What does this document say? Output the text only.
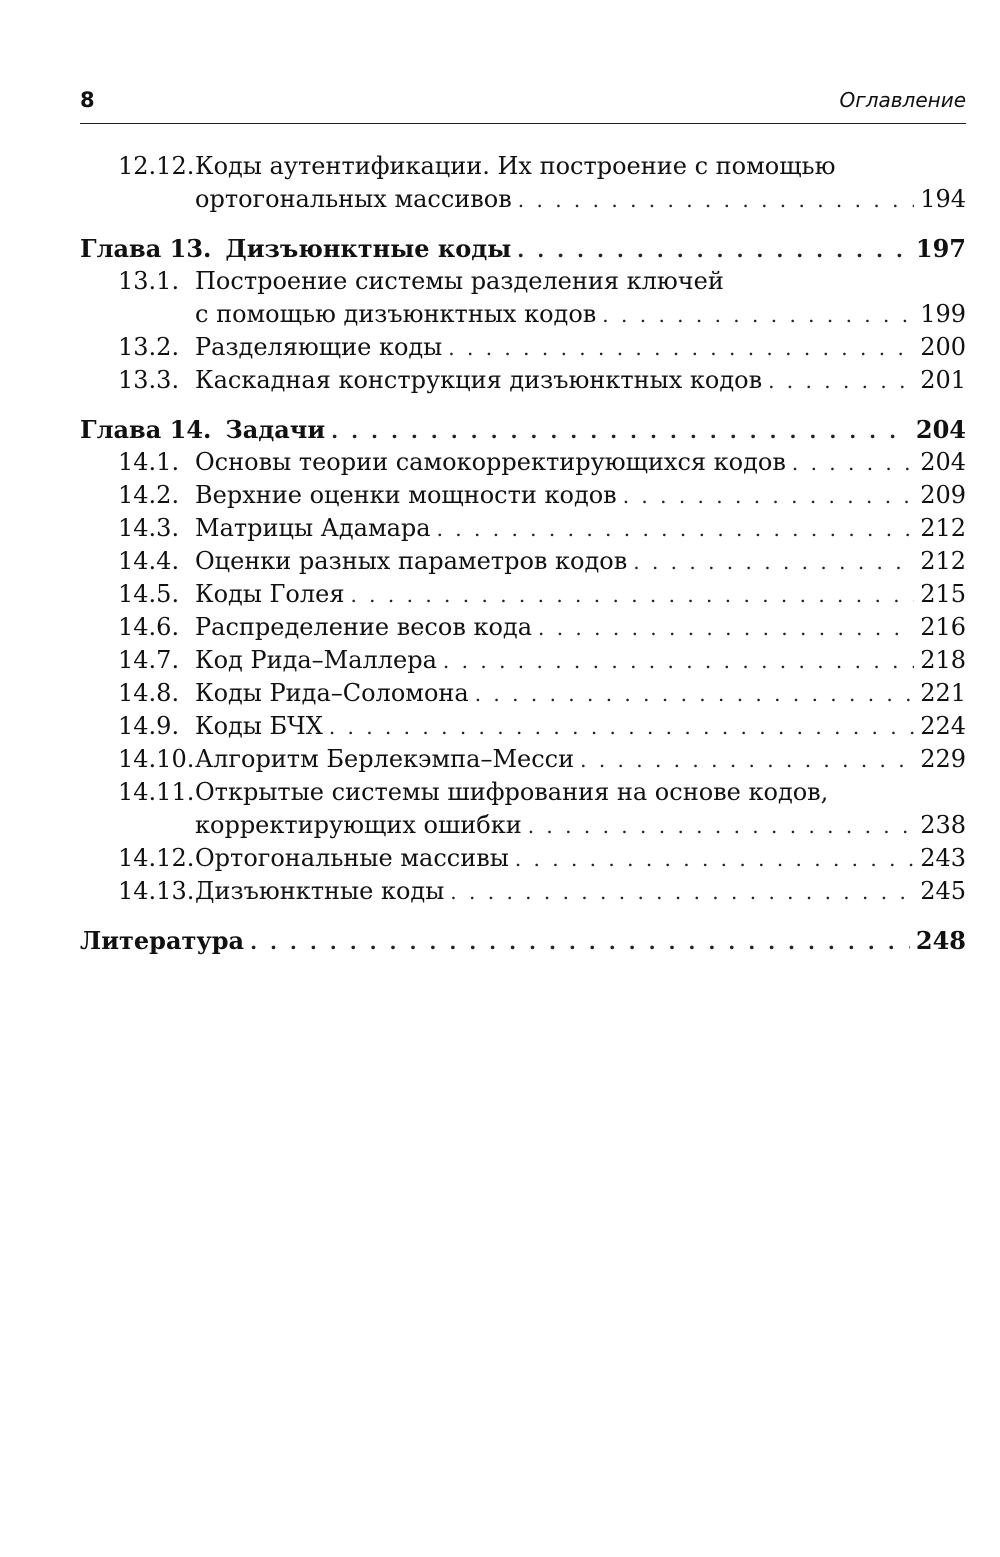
8	Оглавление
12.12. Коды аутентификации. Их построение с помощью
ортогональных массивов . . .	194
Глава 13. Дизъюнктные коды . . .	197
13.1. Построение системы разделения ключей
с помощью дизъюнктных кодов . . .	199
13.2. Разделяющие коды . . .	200
13.3. Каскадная конструкция дизъюнктных кодов . . .	201
Глава 14. Задачи . . .	204
14.1. Основы теории самокорректирующихся кодов . . .	204
14.2. Верхние оценки мощности кодов . . .	209
14.3. Матрицы Адамара . . .	212
14.4. Оценки разных параметров кодов . . .	212
14.5. Коды Голея . . .	215
14.6. Распределение весов кода . . .	216
14.7. Код Рида–Маллера . . .	218
14.8. Коды Рида–Соломона . . .	221
14.9. Коды БЧХ . . .	224
14.10. Алгоритм Берлекэмпа–Месси . . .	229
14.11. Открытые системы шифрования на основе кодов,
корректирующих ошибки . . .	238
14.12. Ортогональные массивы . . .	243
14.13. Дизъюнктные коды . . .	245
Литература . . .	248
